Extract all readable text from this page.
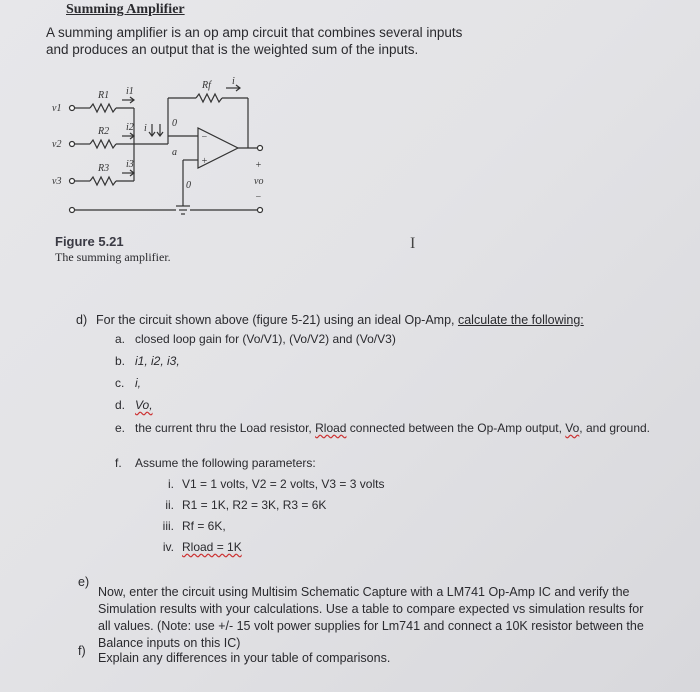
Summing Amplifier
A summing amplifier is an op amp circuit that combines several inputs and produces an output that is the weighted sum of the inputs.
v1
v2
v3
R1
R2
R3
Rf
i1
i2
i3
i
i
a
0
0
−
+	+
vo
−
Figure 5.21
The summing amplifier.
I
d) For the circuit shown above (figure 5-21) using an ideal Op-Amp, calculate the following:
a. closed loop gain for (Vo/V1), (Vo/V2) and (Vo/V3)
b. i1, i2, i3,
c. i,
d. Vo,
e. the current thru the Load resistor, Rload connected between the Op-Amp output, Vo, and ground.
f. Assume the following parameters:
i. V1 = 1 volts, V2 = 2 volts, V3 = 3 volts
ii. R1 = 1K, R2 = 3K, R3 = 6K
iii. Rf = 6K,
iv. Rload = 1K
e)
Now, enter the circuit using Multisim Schematic Capture with a LM741 Op-Amp IC and verify the Simulation results with your calculations. Use a table to compare expected vs simulation results for all values. (Note: use +/- 15 volt power supplies for Lm741 and connect a 10K resistor between the Balance inputs on this IC)
f) Explain any differences in your table of comparisons.
